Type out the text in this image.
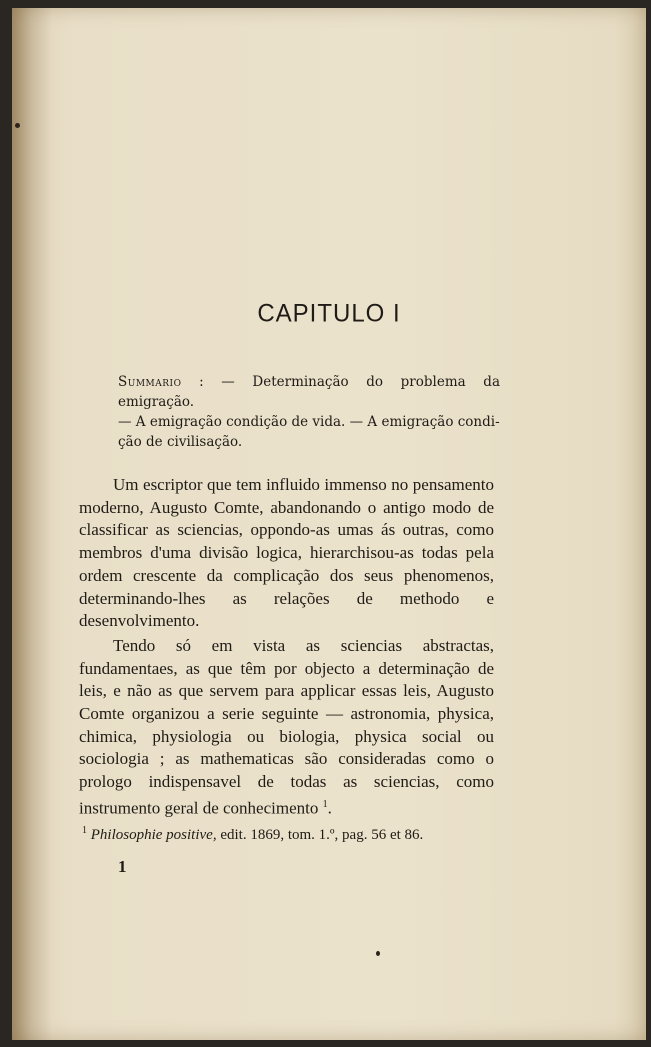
CAPITULO I
Summario : — Determinação do problema da emigração.
— A emigração condição de vida. — A emigração condi-
ção de civilisação.

Um escriptor que tem influido immenso no pensamento moderno, Augusto Comte, abandonando o antigo modo de classificar as sciencias, oppondo-as umas ás outras, como membros d'uma divisão logica, hierarchisou-as todas pela ordem crescente da complicação dos seus phenomenos, determinando-lhes as relações de methodo e desenvolvimento.

Tendo só em vista as sciencias abstractas, fundamentaes, as que têm por objecto a determinação de leis, e não as que servem para applicar essas leis, Augusto Comte organizou a serie seguinte — astronomia, physica, chimica, physiologia ou biologia, physica social ou sociologia ; as mathematicas são consideradas como o prologo indispensavel de todas as sciencias, como instrumento geral de conhecimento $^1$.

$^1$ Philosophie positive, edit. 1869, tom. 1.º, pag. 56 et 86.
1
